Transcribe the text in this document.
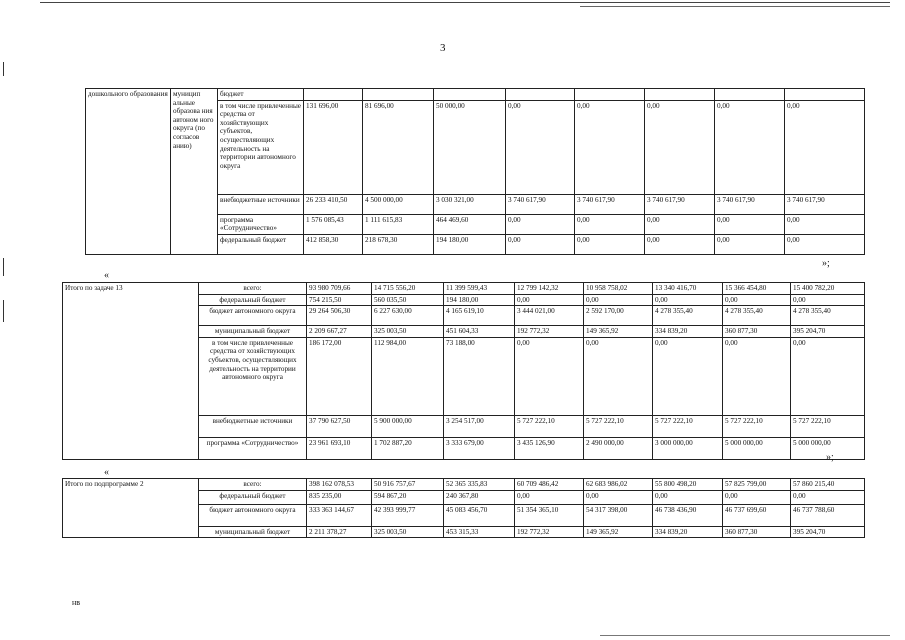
3
дошкольного образования	муницип альные образова ния автоном ного округа (по согласов анию)	бюджет								
		в том числе привлеченные средства от хозяйствующих субъектов, осуществляющих деятельность на территории автономного округа	131 696,00	81 696,00	50 000,00	0,00	0,00	0,00	0,00	0,00
		внебюджетные источники	26 233 410,50	4 500 000,00	3 030 321,00	3 740 617,90	3 740 617,90	3 740 617,90	3 740 617,90	3 740 617,90
		программа «Сотрудничество»	1 576 085,43	1 111 615,83	464 469,60	0,00	0,00	0,00	0,00	0,00
		федеральный бюджет	412 858,30	218 678,30	194 180,00	0,00	0,00	0,00	0,00	0,00
»;
«
Итого по задаче 13	всего:	93 980 709,66	14 715 556,20	11 399 599,43	12 799 142,32	10 958 758,02	13 340 416,70	15 366 454,80	15 400 782,20
	федеральный бюджет	754 215,50	560 035,50	194 180,00	0,00	0,00	0,00	0,00	0,00
	бюджет автономного округа	29 264 506,30	6 227 630,00	4 165 619,10	3 444 021,00	2 592 170,00	4 278 355,40	4 278 355,40	4 278 355,40
	муниципальный бюджет	2 209 667,27	325 003,50	451 604,33	192 772,32	149 365,92	334 839,20	360 877,30	395 204,70
	в том числе привлеченные средства от хозяйствующих субъектов, осуществляющих деятельность на территории автономного округа	186 172,00	112 984,00	73 188,00	0,00	0,00	0,00	0,00	0,00
	внебюджетные источники	37 790 627,50	5 900 000,00	3 254 517,00	5 727 222,10	5 727 222,10	5 727 222,10	5 727 222,10	5 727 222,10
	программа «Сотрудничество»	23 961 693,10	1 702 887,20	3 333 679,00	3 435 126,90	2 490 000,00	3 000 000,00	5 000 000,00	5 000 000,00
»;
«
Итого по подпрограмме 2	всего:	398 162 078,53	50 916 757,67	52 365 335,83	60 709 486,42	62 683 986,02	55 800 498,20	57 825 799,00	57 860 215,40
	федеральный бюджет	835 235,00	594 867,20	240 367,80	0,00	0,00	0,00	0,00	0,00
	бюджет автономного округа	333 363 144,67	42 393 999,77	45 083 456,70	51 354 365,10	54 317 398,00	46 738 436,90	46 737 699,60	46 737 788,60
	муниципальный бюджет	2 211 378,27	325 003,50	453 315,33	192 772,32	149 365,92	334 839,20	360 877,30	395 204,70
нв
